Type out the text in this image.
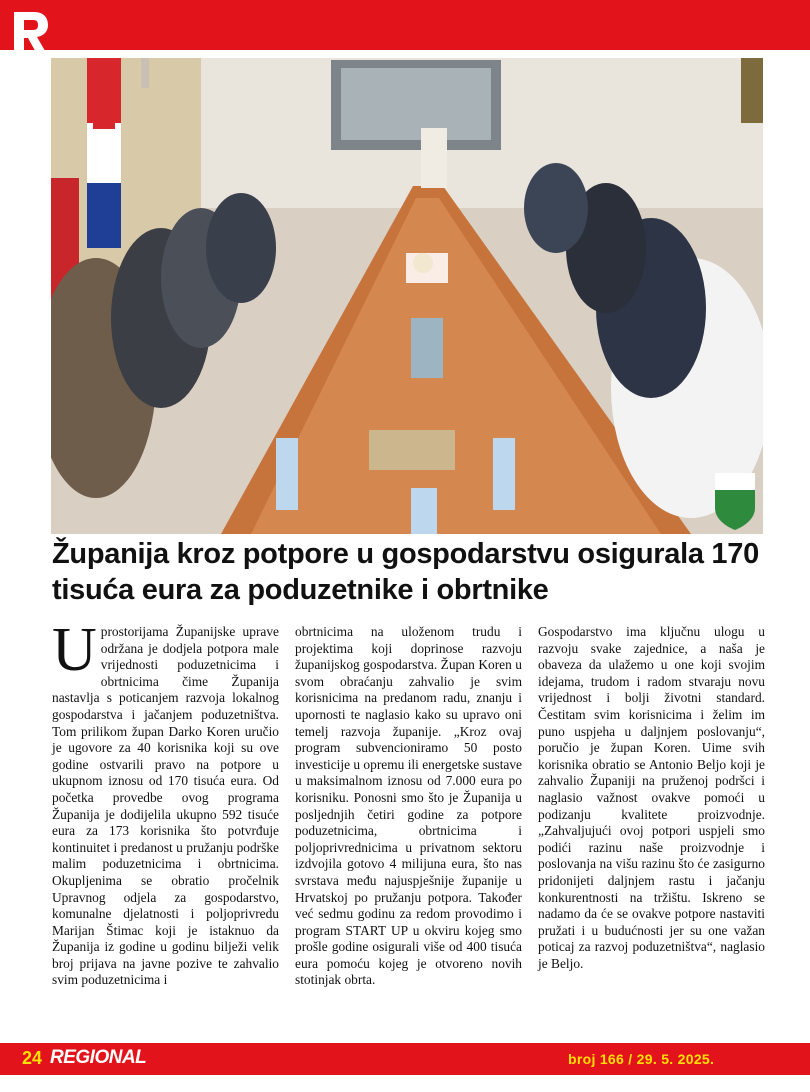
Županija kroz potpore u gospodarstvu osigurala 170 tisuća eura za poduzetnike i obrtnike

Uprostorijama Županijske uprave održana je dodjela potpora male vrijednosti poduzetnicima i obrtnicima čime Županija nastavlja s poticanjem razvoja lokalnog gospodarstva i jačanjem poduzetništva. Tom prilikom župan Darko Koren uručio je ugovore za 40 korisnika koji su ove godine ostvarili pravo na potpore u ukupnom iznosu od 170 tisuća eura. Od početka provedbe ovog programa Županija je dodijelila ukupno 592 tisuće eura za 173 korisnika što potvrđuje kontinuitet i predanost u pružanju podrške malim poduzetnicima i obrtnicima. Okupljenima se obratio pročelnik Upravnog odjela za gospodarstvo, komunalne djelatnosti i poljoprivredu Marijan Štimac koji je istaknuo da Županija iz godine u godinu bilježi velik broj prijava na javne pozive te zahvalio svim poduzetnicima i

obrtnicima na uloženom trudu i projektima koji doprinose razvoju županijskog gospodarstva. Župan Koren u svom obraćanju zahvalio je svim korisnicima na predanom radu, znanju i upornosti te naglasio kako su upravo oni temelj razvoja županije. „Kroz ovaj program subvencioniramo 50 posto investicije u opremu ili energetske sustave u maksimalnom iznosu od 7.000 eura po korisniku. Ponosni smo što je Županija u posljednjih četiri godine za potpore poduzetnicima, obrtnicima i poljoprivrednicima u privatnom sektoru izdvojila gotovo 4 milijuna eura, što nas svrstava među najuspješnije županije u Hrvatskoj po pružanju potpora. Također već sedmu godinu za redom provodimo i program START UP u okviru kojeg smo prošle godine osigurali više od 400 tisuća eura pomoću kojeg je otvoreno novih stotinjak obrta.

Gospodarstvo ima ključnu ulogu u razvoju svake zajednice, a naša je obaveza da ulažemo u one koji svojim idejama, trudom i radom stvaraju novu vrijednost i bolji životni standard. Čestitam svim korisnicima i želim im puno uspjeha u daljnjem poslovanju“, poručio je župan Koren. Uime svih korisnika obratio se Antonio Beljo koji je zahvalio Županiji na pruženoj podršci i naglasio važnost ovakve pomoći u podizanju kvalitete proizvodnje. „Zahvaljujući ovoj potpori uspjeli smo podići razinu naše proizvodnje i poslovanja na višu razinu što će zasigurno pridonijeti daljnjem rastu i jačanju konkurentnosti na tržištu. Iskreno se nadamo da će se ovakve potpore nastaviti pružati i u budućnosti jer su one važan poticaj za razvoj poduzetništva“, naglasio je Beljo.

24 REGIONAL	broj 166 / 29. 5. 2025.
